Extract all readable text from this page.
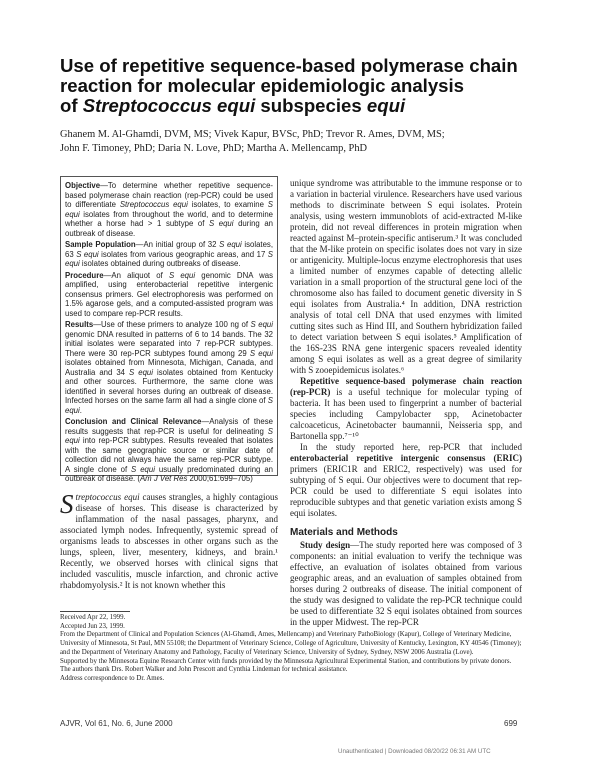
Use of repetitive sequence-based polymerase chain
reaction for molecular epidemiologic analysis
of Streptococcus equi subspecies equi
Ghanem M. Al-Ghamdi, DVM, MS; Vivek Kapur, BVSc, PhD; Trevor R. Ames, DVM, MS;
John F. Timoney, PhD; Daria N. Love, PhD; Martha A. Mellencamp, PhD

Objective—To determine whether repetitive sequence-based polymerase chain reaction (rep-PCR) could be used to differentiate Streptococcus equi isolates, to examine S equi isolates from throughout the world, and to determine whether a horse had > 1 subtype of S equi during an outbreak of disease.

Sample Population—An initial group of 32 S equi isolates, 63 S equi isolates from various geographic areas, and 17 S equi isolates obtained during outbreaks of disease.

Procedure—An aliquot of S equi genomic DNA was amplified, using enterobacterial repetitive intergenic consensus primers. Gel electrophoresis was performed on 1.5% agarose gels, and a computed-assisted program was used to compare rep-PCR results.

Results—Use of these primers to analyze 100 ng of S equi genomic DNA resulted in patterns of 6 to 14 bands. The 32 initial isolates were separated into 7 rep-PCR subtypes. There were 30 rep-PCR subtypes found among 29 S equi isolates obtained from Minnesota, Michigan, Canada, and Australia and 34 S equi isolates obtained from Kentucky and other sources. Furthermore, the same clone was identified in several horses during an outbreak of disease. Infected horses on the same farm all had a single clone of S equi.

Conclusion and Clinical Relevance—Analysis of these results suggests that rep-PCR is useful for delineating S equi into rep-PCR subtypes. Results revealed that isolates with the same geographic source or similar date of collection did not always have the same rep-PCR subtype. A single clone of S equi usually predominated during an outbreak of disease. (Am J Vet Res 2000;61:699–705)

Streptococcus equi causes strangles, a highly contagious disease of horses. This disease is characterized by inflammation of the nasal passages, pharynx, and associated lymph nodes. Infrequently, systemic spread of organisms leads to abscesses in other organs such as the lungs, spleen, liver, mesentery, kidneys, and brain.¹ Recently, we observed horses with clinical signs that included vasculitis, muscle infarction, and chronic active rhabdomyolysis.² It is not known whether this

unique syndrome was attributable to the immune response or to a variation in bacterial virulence. Researchers have used various methods to discriminate between S equi isolates. Protein analysis, using western immunoblots of acid-extracted M-like protein, did not reveal differences in protein migration when reacted against M–protein-specific antiserum.³ It was concluded that the M-like protein on specific isolates does not vary in size or antigenicity. Multiple-locus enzyme electrophoresis that uses a limited number of enzymes capable of detecting allelic variation in a small proportion of the structural gene loci of the chromosome also has failed to document genetic diversity in S equi isolates from Australia.⁴ In addition, DNA restriction analysis of total cell DNA that used enzymes with limited cutting sites such as Hind III, and Southern hybridization failed to detect variation between S equi isolates.⁵ Amplification of the 16S-23S RNA gene intergenic spacers revealed identity among S equi isolates as well as a great degree of similarity with S zooepidemicus isolates.⁶

Repetitive sequence-based polymerase chain reaction (rep-PCR) is a useful technique for molecular typing of bacteria. It has been used to fingerprint a number of bacterial species including Campylobacter spp, Acinetobacter calcoaceticus, Acinetobacter baumannii, Neisseria spp, and Bartonella spp.⁷⁻¹⁰

In the study reported here, rep-PCR that included enterobacterial repetitive intergenic consensus (ERIC) primers (ERIC1R and ERIC2, respectively) was used for subtyping of S equi. Our objectives were to document that rep-PCR could be used to differentiate S equi isolates into reproducible subtypes and that genetic variation exists among S equi isolates.

Materials and Methods

Study design—The study reported here was composed of 3 components: an initial evaluation to verify the technique was effective, an evaluation of isolates obtained from various geographic areas, and an evaluation of samples obtained from horses during 2 outbreaks of disease. The initial component of the study was designed to validate the rep-PCR technique could be used to differentiate 32 S equi isolates obtained from sources in the upper Midwest. The rep-PCR

Received Apr 22, 1999.

Accepted Jun 23, 1999.

From the Department of Clinical and Population Sciences (Al-Ghamdi, Ames, Mellencamp) and Veterinary PathoBiology (Kapur), College of Veterinary Medicine, University of Minnesota, St Paul, MN 55108; the Department of Veterinary Science, College of Agriculture, University of Kentucky, Lexington, KY 40546 (Timoney); and the Department of Veterinary Anatomy and Pathology, Faculty of Veterinary Science, University of Sydney, Sydney, NSW 2006 Australia (Love).

Supported by the Minnesota Equine Research Center with funds provided by the Minnesota Agricultural Experimental Station, and contributions by private donors.

The authors thank Drs. Robert Walker and John Prescott and Cynthia Lindeman for technical assistance.

Address correspondence to Dr. Ames.

AJVR, Vol 61, No. 6, June 2000	699
Unauthenticated | Downloaded 08/20/22 06:31 AM UTC
